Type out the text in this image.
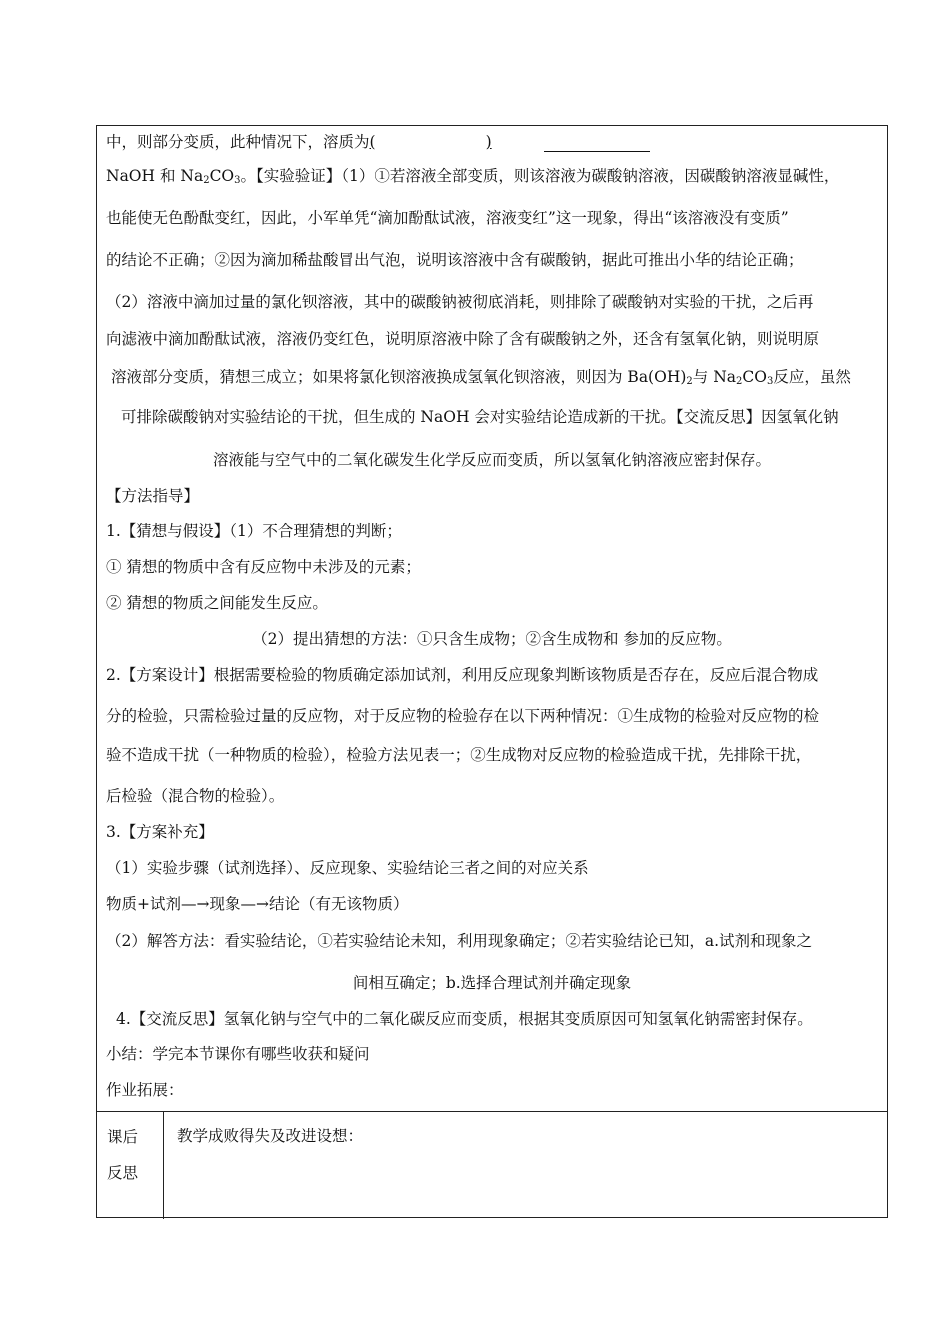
中，则部分变质，此种情况下，溶质为(	)
NaOH 和 $Na_2CO_3$。【实验验证】（1）①若溶液全部变质，则该溶液为碳酸钠溶液，因碳酸钠溶液显碱性，
也能使无色酚酞变红，因此，小军单凭“滴加酚酞试液，溶液变红”这一现象，得出“该溶液没有变质”
的结论不正确；②因为滴加稀盐酸冒出气泡，说明该溶液中含有碳酸钠，据此可推出小华的结论正确；
（2）溶液中滴加过量的氯化钡溶液，其中的碳酸钠被彻底消耗，则排除了碳酸钠对实验的干扰，之后再
向滤液中滴加酚酞试液，溶液仍变红色，说明原溶液中除了含有碳酸钠之外，还含有氢氧化钠，则说明原
溶液部分变质，猜想三成立；如果将氯化钡溶液换成氢氧化钡溶液，则因为 $Ba(OH)_2$与 $Na_2CO_3$反应，虽然
可排除碳酸钠对实验结论的干扰，但生成的 NaOH 会对实验结论造成新的干扰。【交流反思】因氢氧化钠
溶液能与空气中的二氧化碳发生化学反应而变质，所以氢氧化钠溶液应密封保存。
【方法指导】
1.【猜想与假设】（1）不合理猜想的判断；
① 猜想的物质中含有反应物中未涉及的元素；
② 猜想的物质之间能发生反应。
（2）提出猜想的方法：①只含生成物；②含生成物和 参加的反应物。
2.【方案设计】根据需要检验的物质确定添加试剂，利用反应现象判断该物质是否存在，反应后混合物成
分的检验，只需检验过量的反应物，对于反应物的检验存在以下两种情况：①生成物的检验对反应物的检
验不造成干扰（一种物质的检验），检验方法见表一；②生成物对反应物的检验造成干扰，先排除干扰，
后检验（混合物的检验）。
3.【方案补充】
（1）实验步骤（试剂选择）、反应现象、实验结论三者之间的对应关系
物质+试剂—→现象—→结论（有无该物质）
（2）解答方法：看实验结论，①若实验结论未知，利用现象确定；②若实验结论已知，a.试剂和现象之
间相互确定；b.选择合理试剂并确定现象
4.【交流反思】氢氧化钠与空气中的二氧化碳反应而变质，根据其变质原因可知氢氧化钠需密封保存。
小结：学完本节课你有哪些收获和疑问
作业拓展：
课后
反思
教学成败得失及改进设想：
